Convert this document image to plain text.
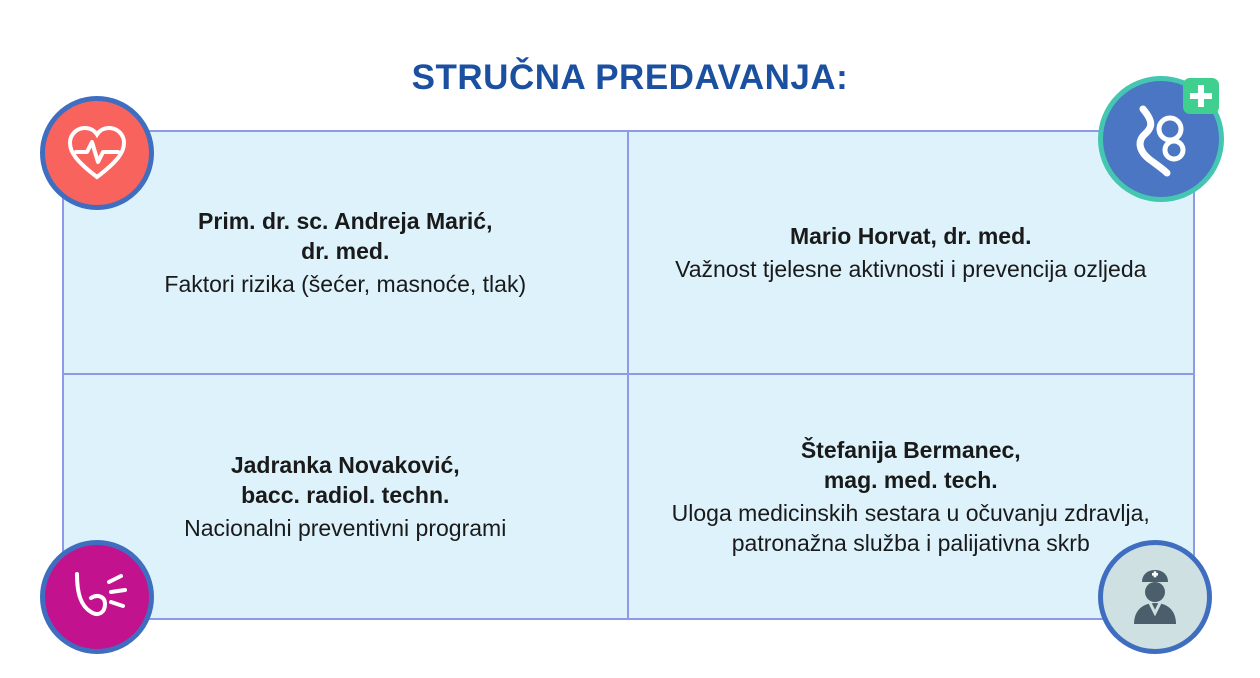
STRUČNA PREDAVANJA:
Prim. dr. sc. Andreja Marić,
dr. med.
Faktori rizika (šećer, masnoće, tlak)
Mario Horvat, dr. med.
Važnost tjelesne aktivnosti i prevencija ozljeda
Jadranka Novaković,
bacc. radiol. techn.
Nacionalni preventivni programi
Štefanija Bermanec,
mag. med. tech.
Uloga medicinskih sestara u očuvanju zdravlja, patronažna služba i palijativna skrb
